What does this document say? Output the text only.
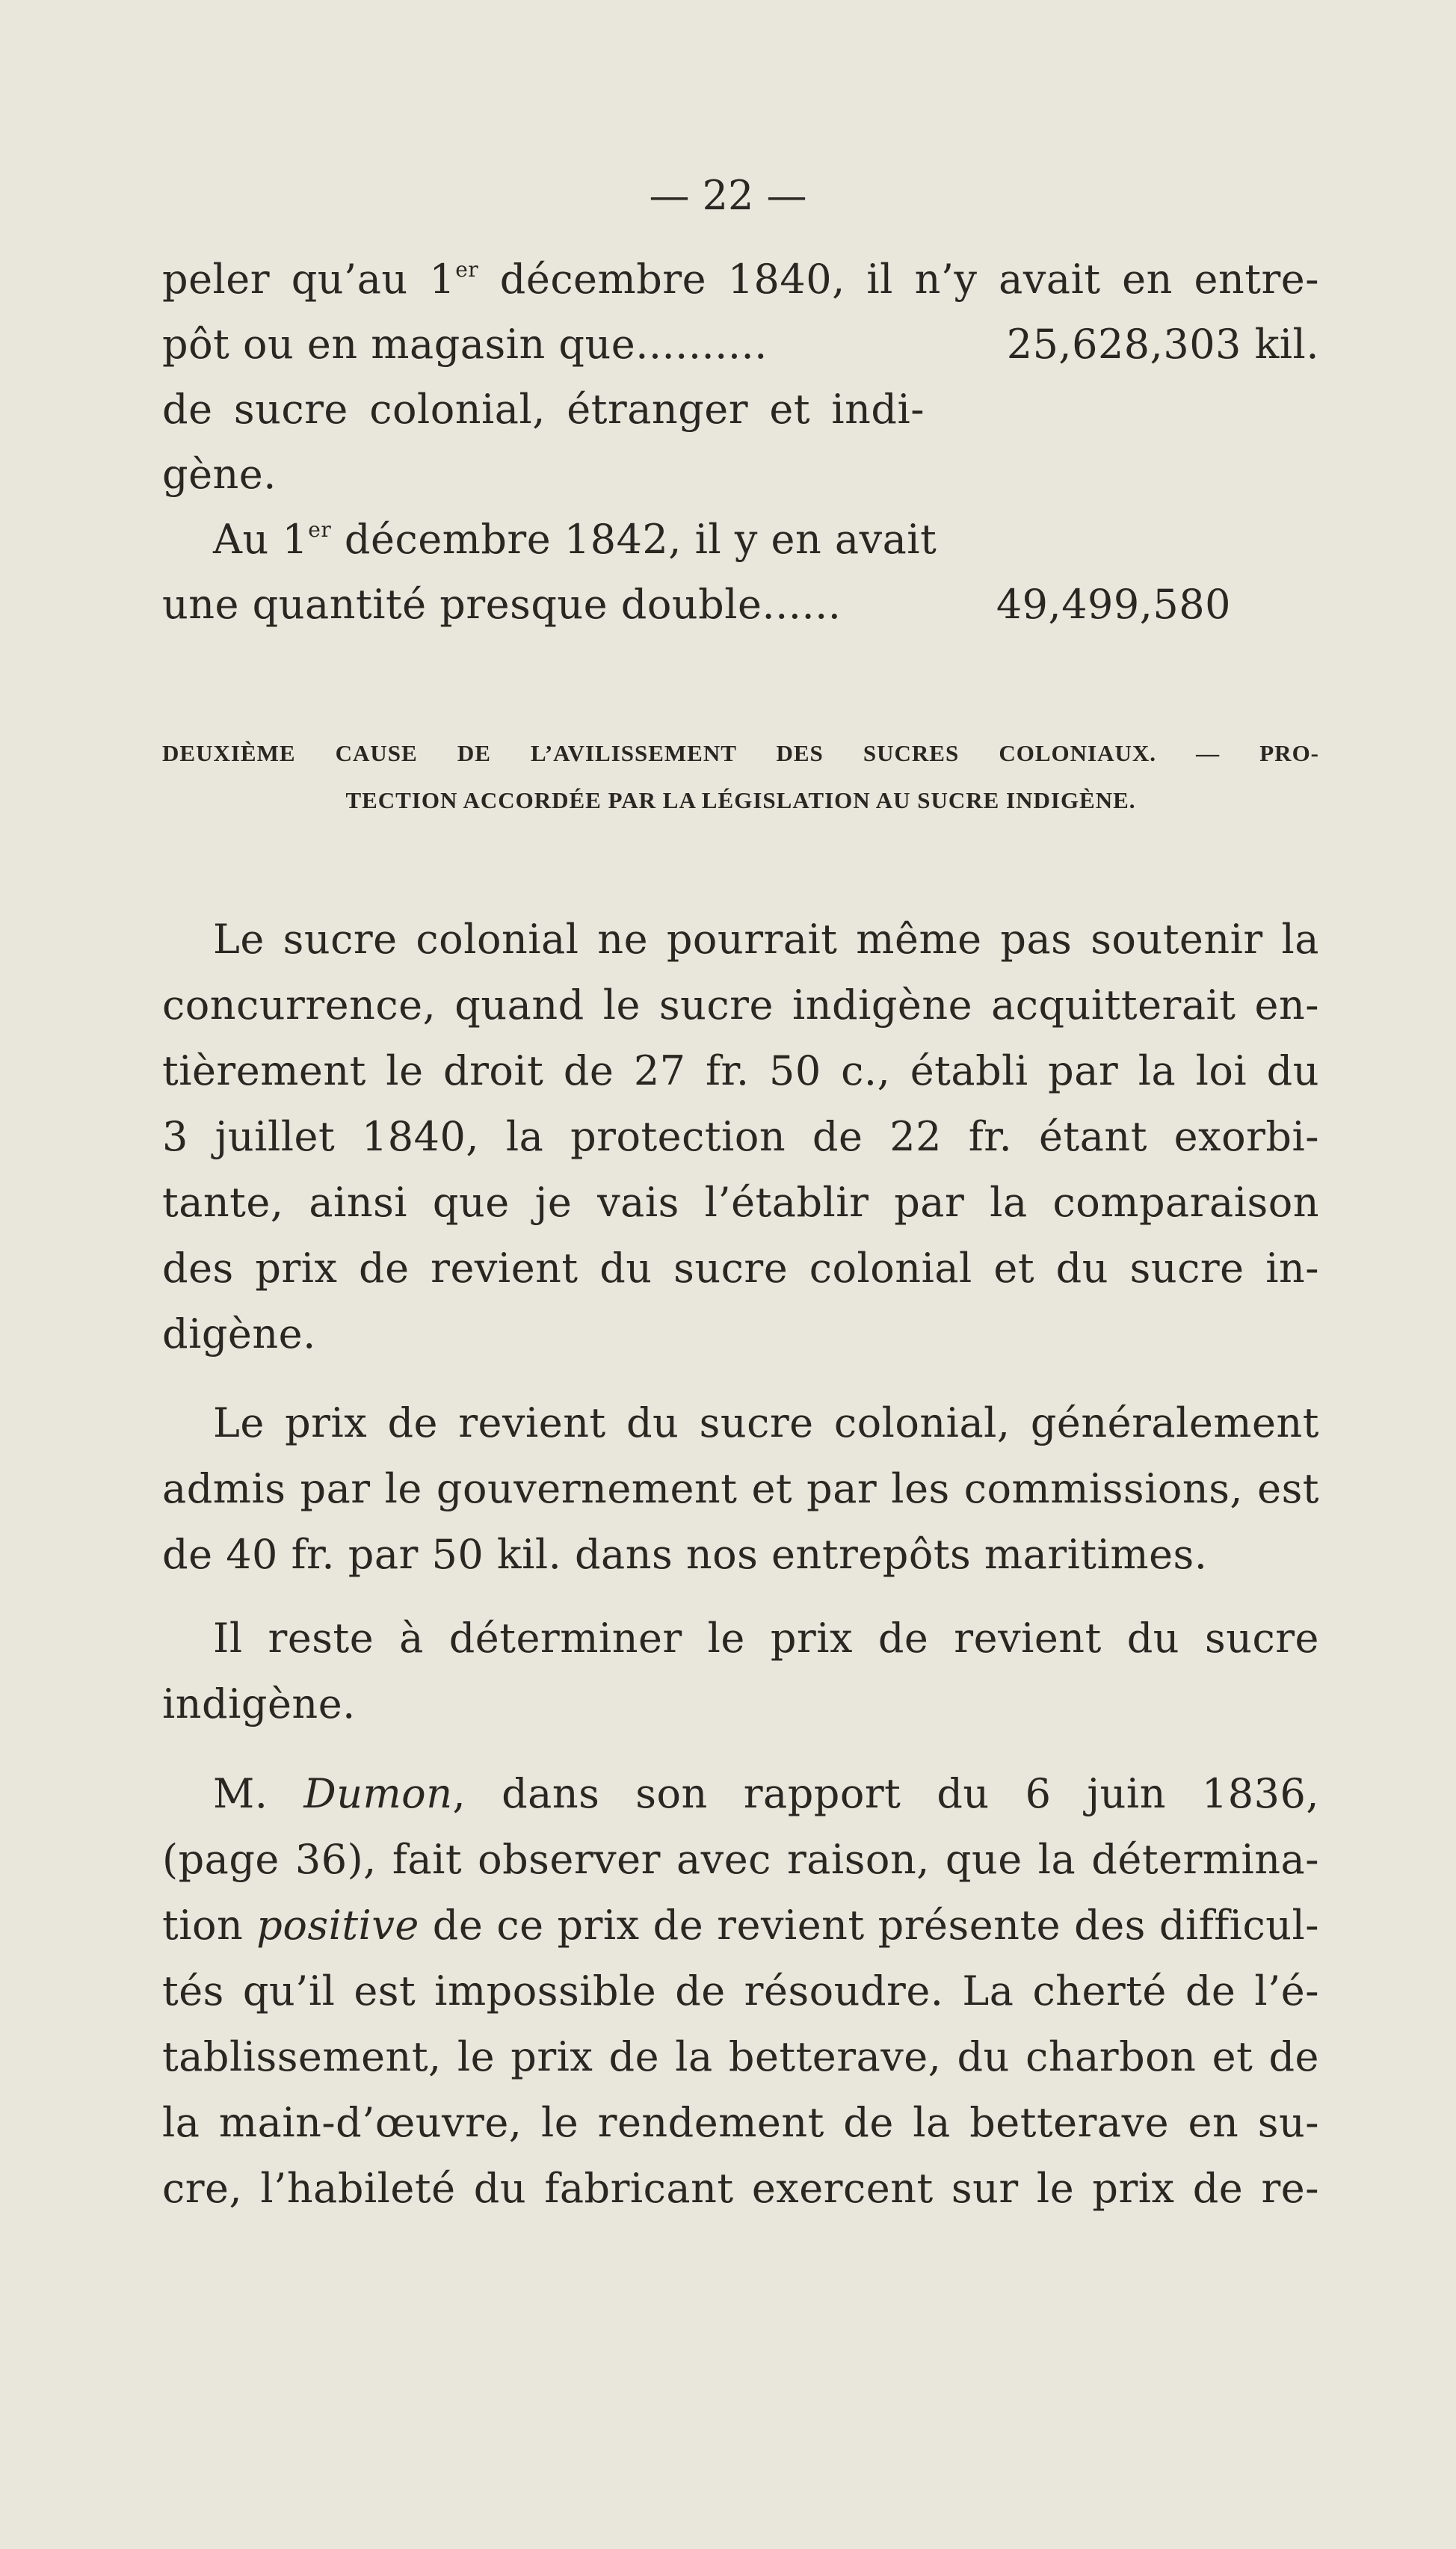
— 22 —
peler qu’au 1er décembre 1840, il n’y avait en entre-
pôt ou en magasin que..........	25,628,303 kil.
de sucre colonial, étranger et indi-
gène.
Au 1er décembre 1842, il y en avait
une quantité presque double......	49,499,580
DEUXIÈME CAUSE DE L’AVILISSEMENT DES SUCRES COLONIAUX. — PRO-
TECTION ACCORDÉE PAR LA LÉGISLATION AU SUCRE INDIGÈNE.
Le sucre colonial ne pourrait même pas soutenir la
concurrence, quand le sucre indigène acquitterait en-
tièrement le droit de 27 fr. 50 c., établi par la loi du
3 juillet 1840, la protection de 22 fr. étant exorbi-
tante, ainsi que je vais l’établir par la comparaison
des prix de revient du sucre colonial et du sucre in-
digène.
Le prix de revient du sucre colonial, généralement
admis par le gouvernement et par les commissions, est
de 40 fr. par 50 kil. dans nos entrepôts maritimes.
Il reste à déterminer le prix de revient du sucre
indigène.
M. Dumon, dans son rapport du 6 juin 1836,
(page 36), fait observer avec raison, que la détermina-
tion positive de ce prix de revient présente des difficul-
tés qu’il est impossible de résoudre. La cherté de l’é-
tablissement, le prix de la betterave, du charbon et de
la main-d’œuvre, le rendement de la betterave en su-
cre, l’habileté du fabricant exercent sur le prix de re-
